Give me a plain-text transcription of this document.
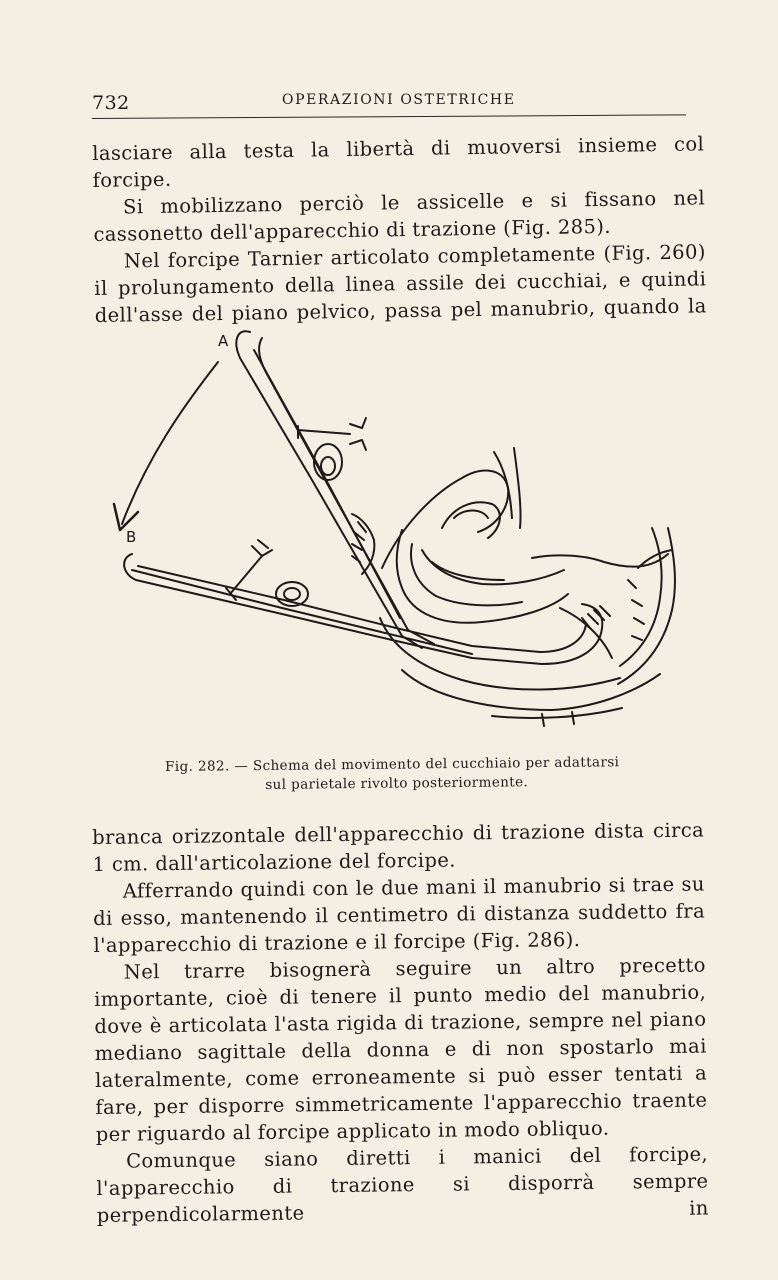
732	OPERAZIONI OSTETRICHE

lasciare alla testa la libertà di muoversi insieme col forcipe.

Si mobilizzano perciò le assicelle e si fissano nel cassonetto dell'apparecchio di trazione (Fig. 285).

Nel forcipe Tarnier articolato completamente (Fig. 260) il prolungamento della linea assile dei cucchiai, e quindi dell'asse del piano pelvico, passa pel manubrio, quando la

A
B
Fig. 282. — Schema del movimento del cucchiaio per adattarsi
sul parietale rivolto posteriormente.

branca orizzontale dell'apparecchio di trazione dista circa 1 cm. dall'articolazione del forcipe.

Afferrando quindi con le due mani il manubrio si trae su di esso, mantenendo il centimetro di distanza suddetto fra l'apparecchio di trazione e il forcipe (Fig. 286).

Nel trarre bisognerà seguire un altro precetto importante, cioè di tenere il punto medio del manubrio, dove è articolata l'asta rigida di trazione, sempre nel piano mediano sagittale della donna e di non spostarlo mai lateralmente, come erroneamente si può esser tentati a fare, per disporre simmetricamente l'apparecchio traente per riguardo al forcipe applicato in modo obliquo.

Comunque siano diretti i manici del forcipe, l'apparecchio di trazione si disporrà sempre perpendicolarmente in
